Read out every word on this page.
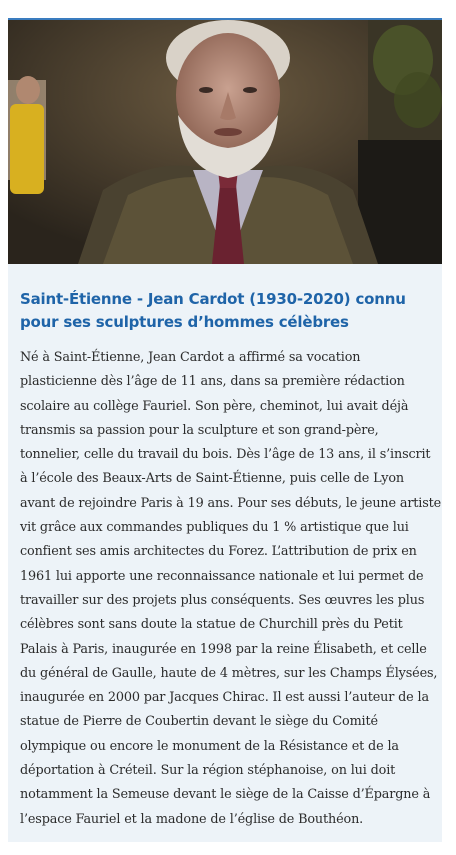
Saint-Étienne - Jean Cardot (1930-2020) connu
pour ses sculptures d’hommes célèbres
Né à Saint-Étienne, Jean Cardot a affirmé sa vocation
plasticienne dès l’âge de 11 ans, dans sa première rédaction
scolaire au collège Fauriel. Son père, cheminot, lui avait déjà
transmis sa passion pour la sculpture et son grand-père,
tonnelier, celle du travail du bois. Dès l’âge de 13 ans, il s’inscrit
à l’école des Beaux-Arts de Saint-Étienne, puis celle de Lyon
avant de rejoindre Paris à 19 ans. Pour ses débuts, le jeune artiste
vit grâce aux commandes publiques du 1 % artistique que lui
confient ses amis architectes du Forez. L’attribution de prix en
1961 lui apporte une reconnaissance nationale et lui permet de
travailler sur des projets plus conséquents. Ses œuvres les plus
célèbres sont sans doute la statue de Churchill près du Petit
Palais à Paris, inaugurée en 1998 par la reine Élisabeth, et celle
du général de Gaulle, haute de 4 mètres, sur les Champs Élysées,
inaugurée en 2000 par Jacques Chirac. Il est aussi l’auteur de la
statue de Pierre de Coubertin devant le siège du Comité
olympique ou encore le monument de la Résistance et de la
déportation à Créteil. Sur la région stéphanoise, on lui doit
notamment la Semeuse devant le siège de la Caisse d’Épargne à
l’espace Fauriel et la madone de l’église de Bouthéon.
